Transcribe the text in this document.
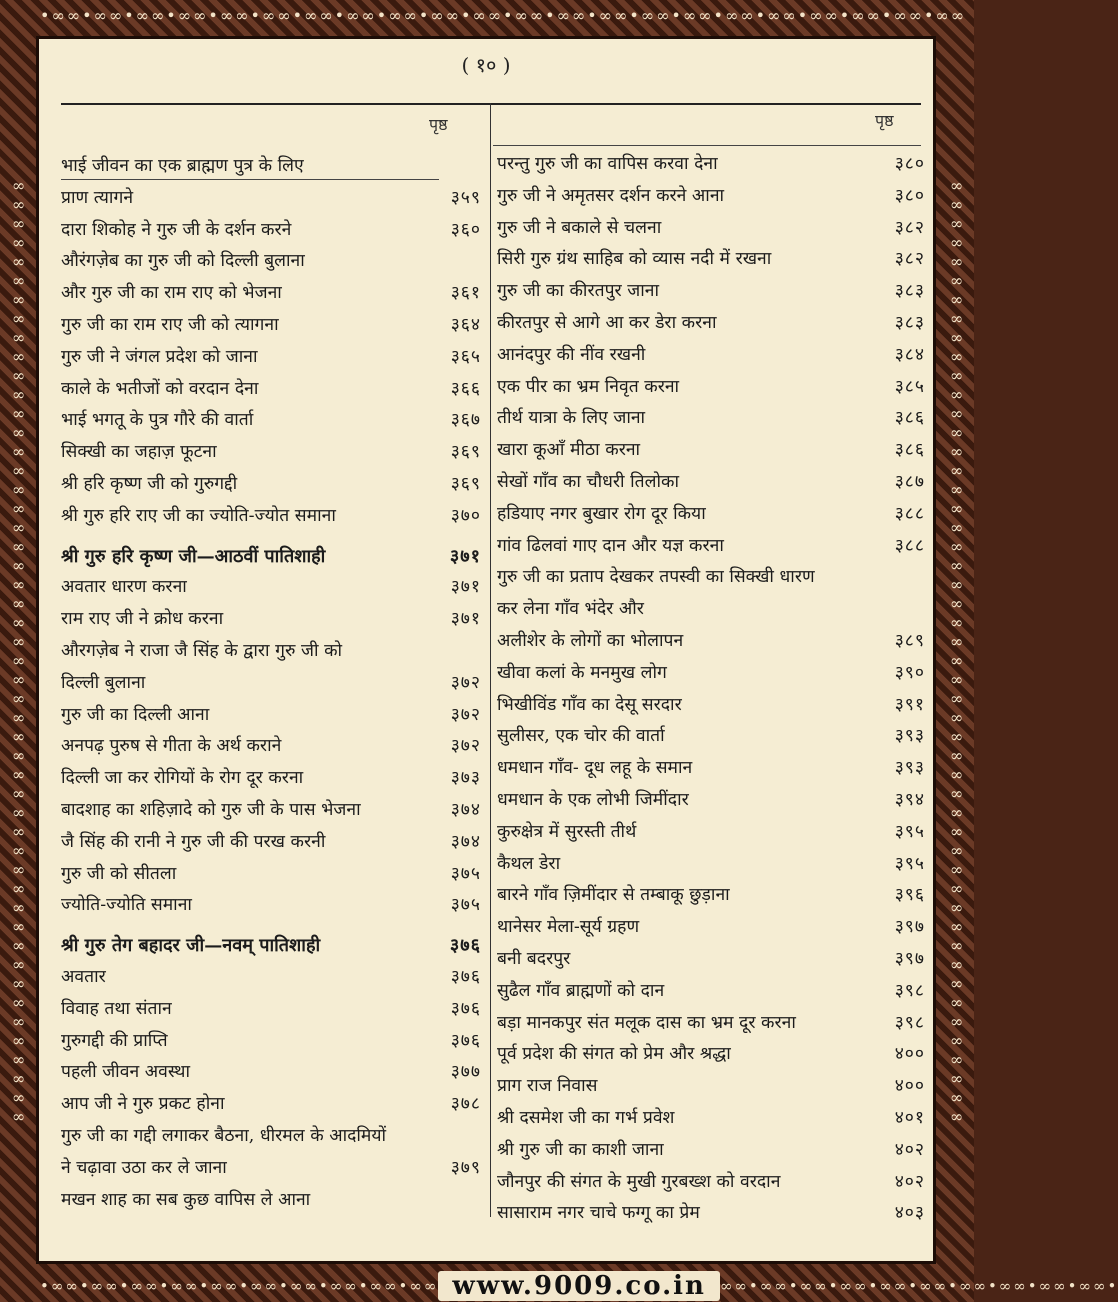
•∞∞•∞∞•∞∞•∞∞•∞∞•∞∞•∞∞•∞∞•∞∞•∞∞•∞∞•∞∞•∞∞•∞∞•∞∞•∞∞•∞∞•∞∞•∞∞•∞∞•∞∞•∞∞
∞∞∞∞∞∞∞∞∞∞∞∞∞∞∞∞∞∞∞∞∞∞∞∞∞∞∞∞∞∞∞∞∞∞∞∞∞∞∞∞∞∞∞∞∞∞∞∞∞∞	∞∞∞∞∞∞∞∞∞∞∞∞∞∞∞∞∞∞∞∞∞∞∞∞∞∞∞∞∞∞∞∞∞∞∞∞∞∞∞∞∞∞∞∞∞∞∞∞∞∞
•∞∞•∞∞•∞∞•∞∞•∞∞•∞∞•∞∞•∞∞•∞∞•∞∞ www.9009.co.in ∞∞•∞∞•∞∞•∞∞•∞∞•∞∞•∞∞•∞∞•∞∞•∞∞•
( १० )
पृष्ठ	पृष्ठ
भाई जीवन का एक ब्राह्मण पुत्र के लिए
प्राण त्यागने	३५९
दारा शिकोह ने गुरु जी के दर्शन करने	३६०
औरंगज़ेब का गुरु जी को दिल्ली बुलाना
और गुरु जी का राम राए को भेजना	३६१
गुरु जी का राम राए जी को त्यागना	३६४
गुरु जी ने जंगल प्रदेश को जाना	३६५
काले के भतीजों को वरदान देना	३६६
भाई भगतू के पुत्र गौरे की वार्ता	३६७
सिक्खी का जहाज़ फूटना	३६९
श्री हरि कृष्ण जी को गुरुगद्दी	३६९
श्री गुरु हरि राए जी का ज्योति-ज्योत समाना	३७०
श्री गुरु हरि कृष्ण जी—आठवीं पातिशाही	३७१
अवतार धारण करना	३७१
राम राए जी ने क्रोध करना	३७१
औरगज़ेब ने राजा जै सिंह के द्वारा गुरु जी को
दिल्ली बुलाना	३७२
गुरु जी का दिल्ली आना	३७२
अनपढ़ पुरुष से गीता के अर्थ कराने	३७२
दिल्ली जा कर रोगियों के रोग दूर करना	३७३
बादशाह का शहिज़ादे को गुरु जी के पास भेजना	३७४
जै सिंह की रानी ने गुरु जी की परख करनी	३७४
गुरु जी को सीतला	३७५
ज्योति-ज्योति समाना	३७५
श्री गुरु तेग बहादर जी—नवम् पातिशाही	३७६
अवतार	३७६
विवाह तथा संतान	३७६
गुरुगद्दी की प्राप्ति	३७६
पहली जीवन अवस्था	३७७
आप जी ने गुरु प्रकट होना	३७८
गुरु जी का गद्दी लगाकर बैठना, धीरमल के आदमियों
ने चढ़ावा उठा कर ले जाना	३७९
मखन शाह का सब कुछ वापिस ले आना
परन्तु गुरु जी का वापिस करवा देना	३८०
गुरु जी ने अमृतसर दर्शन करने आना	३८०
गुरु जी ने बकाले से चलना	३८२
सिरी गुरु ग्रंथ साहिब को व्यास नदी में रखना	३८२
गुरु जी का कीरतपुर जाना	३८३
कीरतपुर से आगे आ कर डेरा करना	३८३
आनंदपुर की नींव रखनी	३८४
एक पीर का भ्रम निवृत करना	३८५
तीर्थ यात्रा के लिए जाना	३८६
खारा कूआँ मीठा करना	३८६
सेखों गाँव का चौधरी तिलोका	३८७
हडियाए नगर बुखार रोग दूर किया	३८८
गांव ढिलवां गाए दान और यज्ञ करना	३८८
गुरु जी का प्रताप देखकर तपस्वी का सिक्खी धारण
कर लेना गाँव भंदेर और
अलीशेर के लोगों का भोलापन	३८९
खीवा कलां के मनमुख लोग	३९०
भिखीविंड गाँव का देसू सरदार	३९१
सुलीसर, एक चोर की वार्ता	३९३
धमधान गाँव- दूध लहू के समान	३९३
धमधान के एक लोभी जिमींदार	३९४
कुरुक्षेत्र में सुरस्ती तीर्थ	३९५
कैथल डेरा	३९५
बारने गाँव ज़िमींदार से तम्बाकू छुड़ाना	३९६
थानेसर मेला-सूर्य ग्रहण	३९७
बनी बदरपुर	३९७
सुढैल गाँव ब्राह्मणों को दान	३९८
बड़ा मानकपुर संत मलूक दास का भ्रम दूर करना	३९८
पूर्व प्रदेश की संगत को प्रेम और श्रद्धा	४००
प्राग राज निवास	४००
श्री दसमेश जी का गर्भ प्रवेश	४०१
श्री गुरु जी का काशी जाना	४०२
जौनपुर की संगत के मुखी गुरबख्श को वरदान	४०२
सासाराम नगर चाचे फग्गू का प्रेम	४०३
